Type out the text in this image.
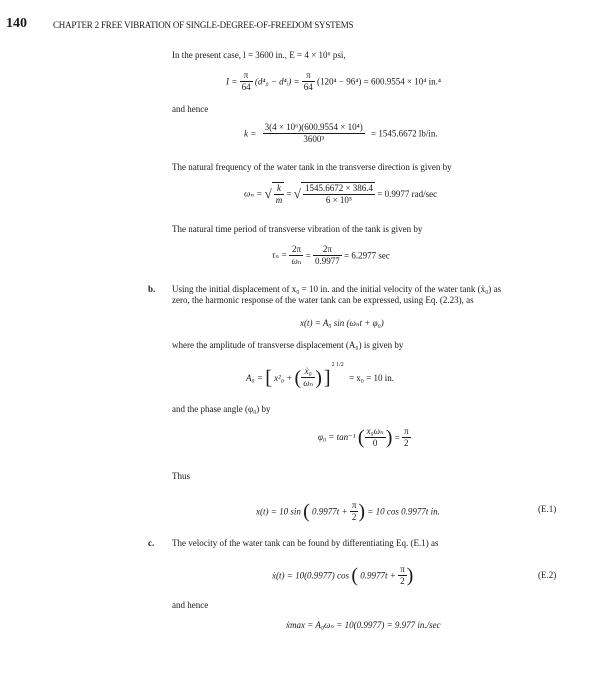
140	CHAPTER 2 FREE VIBRATION OF SINGLE-DEGREE-OF-FREEDOM SYSTEMS
In the present case, l = 3600 in., E = 4 × 10⁶ psi,
$I = \frac{\pi}{64} (d^4_0$ − d⁴ᵢ) = $\frac{\pi}{64} (120^4 - 96^4) = 600.9554 \times 10^4$ in.⁴
and hence
$k = \frac{\text{3(4 × 10⁶)(600.9554 × 10⁴)}}{\text{3600³}} = 1545.6672$ lb/in.
The natural frequency of the water tank in the transverse direction is given by
ωₙ = √ $\frac{k}{m}$ = √ $\frac{1545.6672 \times 386.4}{\text{6 × 10⁵}} = 0.9977$ rad/sec
The natural time period of transverse vibration of the tank is given by
$\tau_n = \frac{2\pi}{\text{ωₙ}} = \frac{2\pi}{0.9977} = 6.2977$ sec
b. Using the initial displacement of x₀ = 10 in. and the initial velocity of the water tank (ẋ₀) as
zero, the harmonic response of the water tank can be expressed, using Eq. (2.23), as
x(t) = A₀ sin (ωₙt + φ₀)
where the amplitude of transverse displacement (A₀) is given by
A₀ = [ x²₀ + ( $\frac{\text{ẋ₀}}{\text{ωₙ}}$ ) ]$^{2 1/2}$ = x₀ = 10 in.
and the phase angle (φ₀) by
φ₀ = tan⁻¹ ( $\frac{\text{x₀ωₙ}}{0}$ ) = $\frac{\pi}{2}$
Thus
x(t) = 10 sin ( $0.9977t + \frac{\pi}{2}$ ) = 10 cos 0.9977t in.	(E.1)
c. The velocity of the water tank can be found by differentiating Eq. (E.1) as
ẋ(t) = 10(0.9977) cos ( $0.9977t + \frac{\pi}{2}$ )	(E.2)
and hence
ẋmax = A₀ωₙ = 10(0.9977) = 9.977 in./sec
